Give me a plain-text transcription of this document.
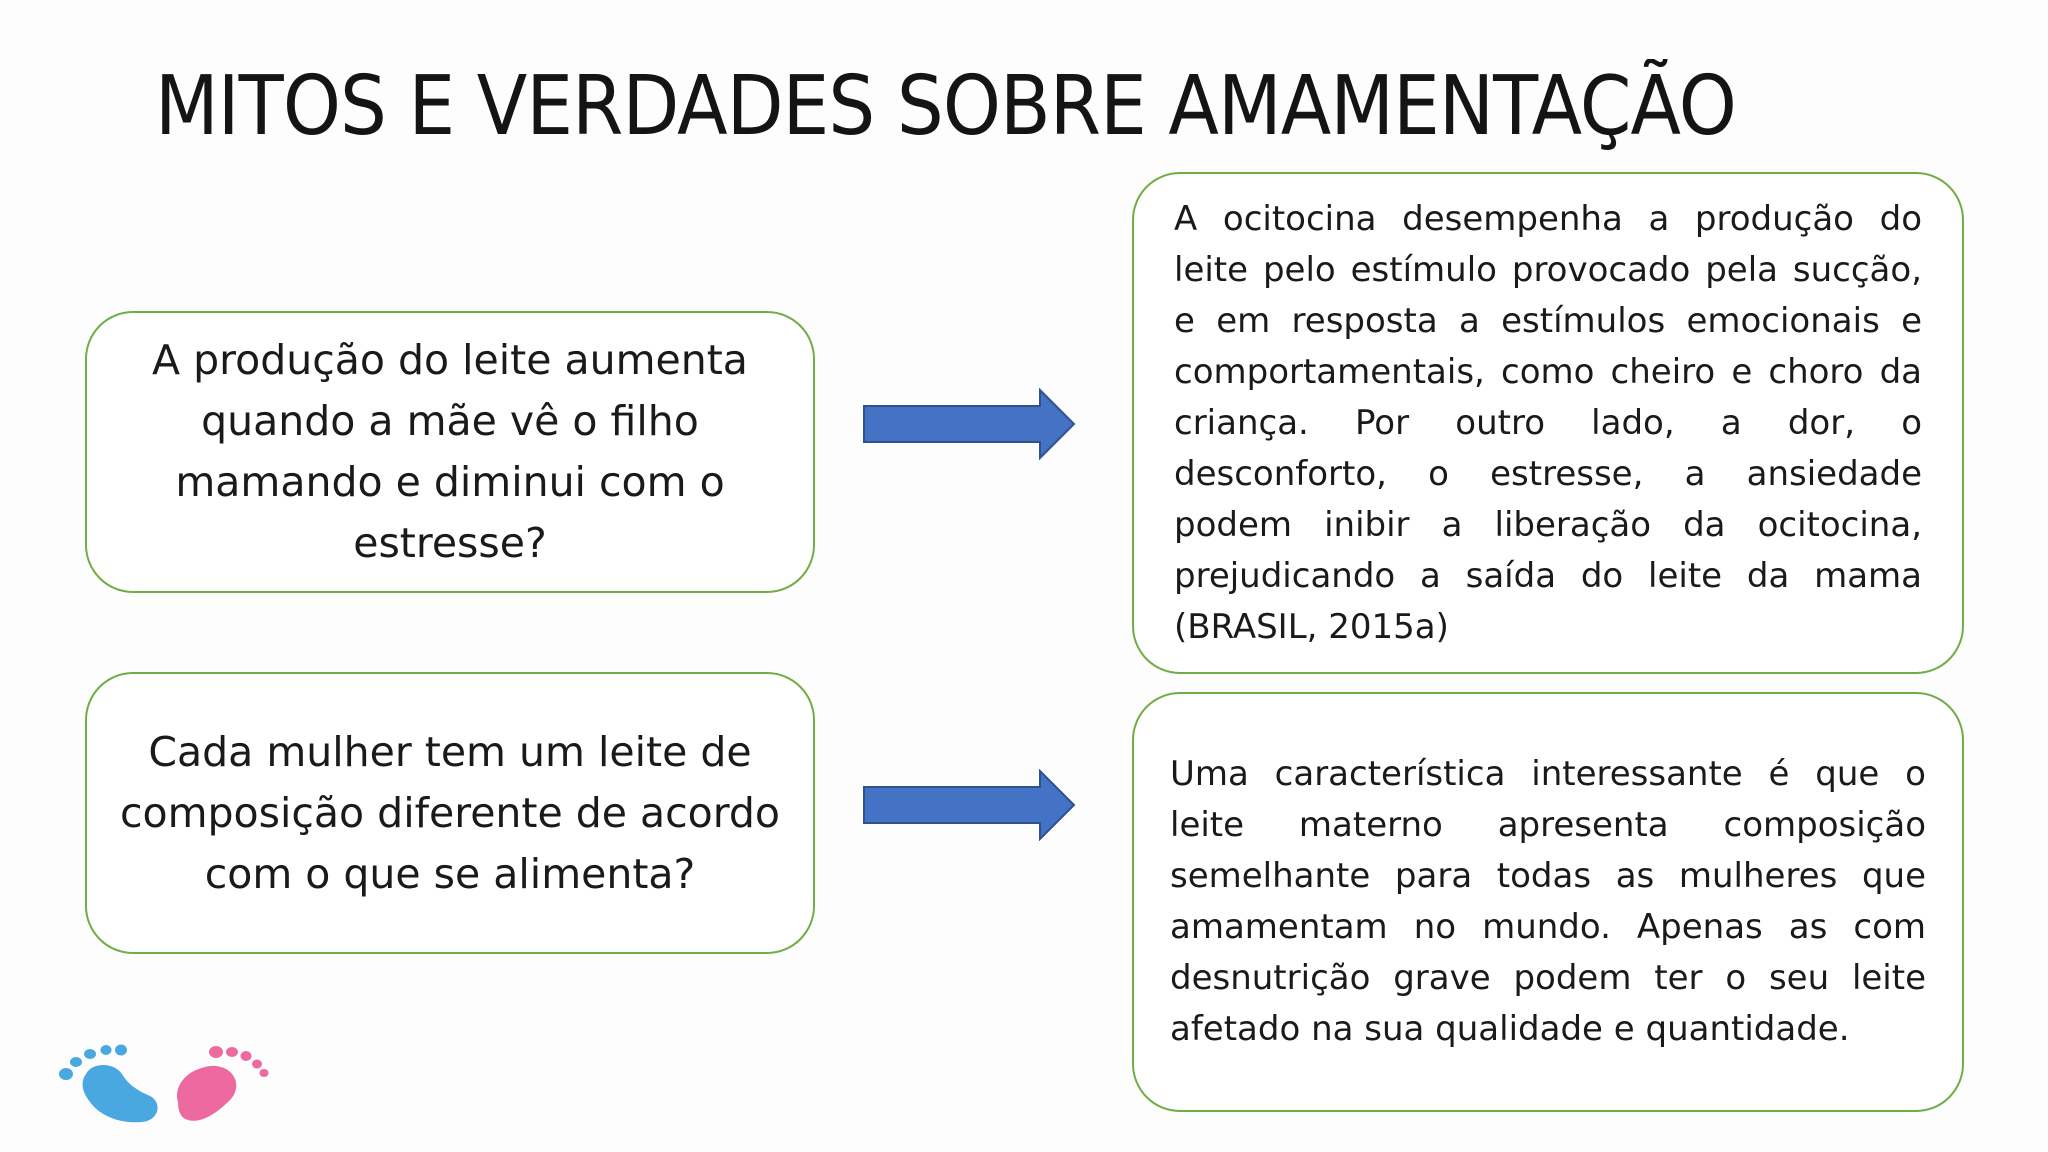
MITOS E VERDADES SOBRE AMAMENTAÇÃO
A produção do leite aumenta quando a mãe vê o filho mamando e diminui com o estresse?
A ocitocina desempenha a produção do leite pelo estímulo provocado pela sucção, e em resposta a estímulos emocionais e comportamentais, como cheiro e choro da criança. Por outro lado, a dor, o desconforto, o estresse, a ansiedade podem inibir a liberação da ocitocina, prejudicando a saída do leite da mama (BRASIL, 2015a)
Cada mulher tem um leite de composição diferente de acordo com o que se alimenta?
Uma característica interessante é que o leite materno apresenta composição semelhante para todas as mulheres que amamentam no mundo. Apenas as com desnutrição grave podem ter o seu leite afetado na sua qualidade e quantidade.
